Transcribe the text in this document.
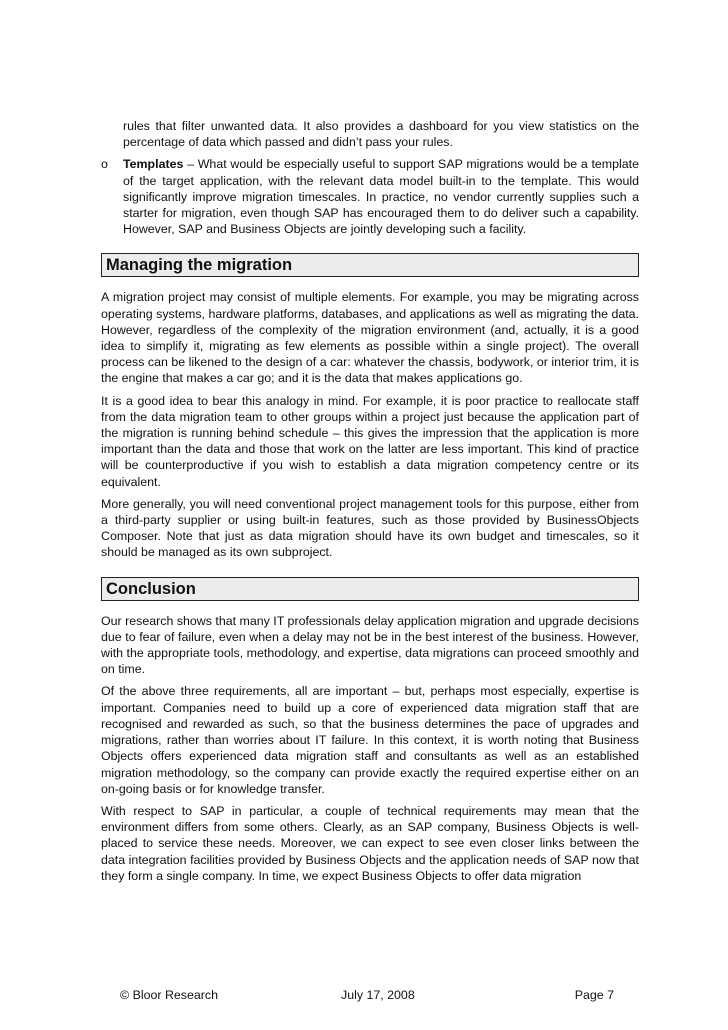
rules that filter unwanted data. It also provides a dashboard for you view statistics on the percentage of data which passed and didn’t pass your rules.

o Templates – What would be especially useful to support SAP migrations would be a template of the target application, with the relevant data model built-in to the template. This would significantly improve migration timescales. In practice, no vendor currently supplies such a starter for migration, even though SAP has encouraged them to do deliver such a capability. However, SAP and Business Objects are jointly developing such a facility.

Managing the migration

A migration project may consist of multiple elements. For example, you may be migrating across operating systems, hardware platforms, databases, and applications as well as migrating the data. However, regardless of the complexity of the migration environment (and, actually, it is a good idea to simplify it, migrating as few elements as possible within a single project). The overall process can be likened to the design of a car: whatever the chassis, bodywork, or interior trim, it is the engine that makes a car go; and it is the data that makes applications go.

It is a good idea to bear this analogy in mind. For example, it is poor practice to reallocate staff from the data migration team to other groups within a project just because the application part of the migration is running behind schedule – this gives the impression that the application is more important than the data and those that work on the latter are less important. This kind of practice will be counterproductive if you wish to establish a data migration competency centre or its equivalent.

More generally, you will need conventional project management tools for this purpose, either from a third-party supplier or using built-in features, such as those provided by BusinessObjects Composer. Note that just as data migration should have its own budget and timescales, so it should be managed as its own subproject.

Conclusion

Our research shows that many IT professionals delay application migration and upgrade decisions due to fear of failure, even when a delay may not be in the best interest of the business. However, with the appropriate tools, methodology, and expertise, data migrations can proceed smoothly and on time.

Of the above three requirements, all are important – but, perhaps most especially, expertise is important. Companies need to build up a core of experienced data migration staff that are recognised and rewarded as such, so that the business determines the pace of upgrades and migrations, rather than worries about IT failure. In this context, it is worth noting that Business Objects offers experienced data migration staff and consultants as well as an established migration methodology, so the company can provide exactly the required expertise either on an on-going basis or for knowledge transfer.

With respect to SAP in particular, a couple of technical requirements may mean that the environment differs from some others. Clearly, as an SAP company, Business Objects is well-placed to service these needs. Moreover, we can expect to see even closer links between the data integration facilities provided by Business Objects and the application needs of SAP now that they form a single company. In time, we expect Business Objects to offer data migration

© Bloor Research	July 17, 2008	Page 7
